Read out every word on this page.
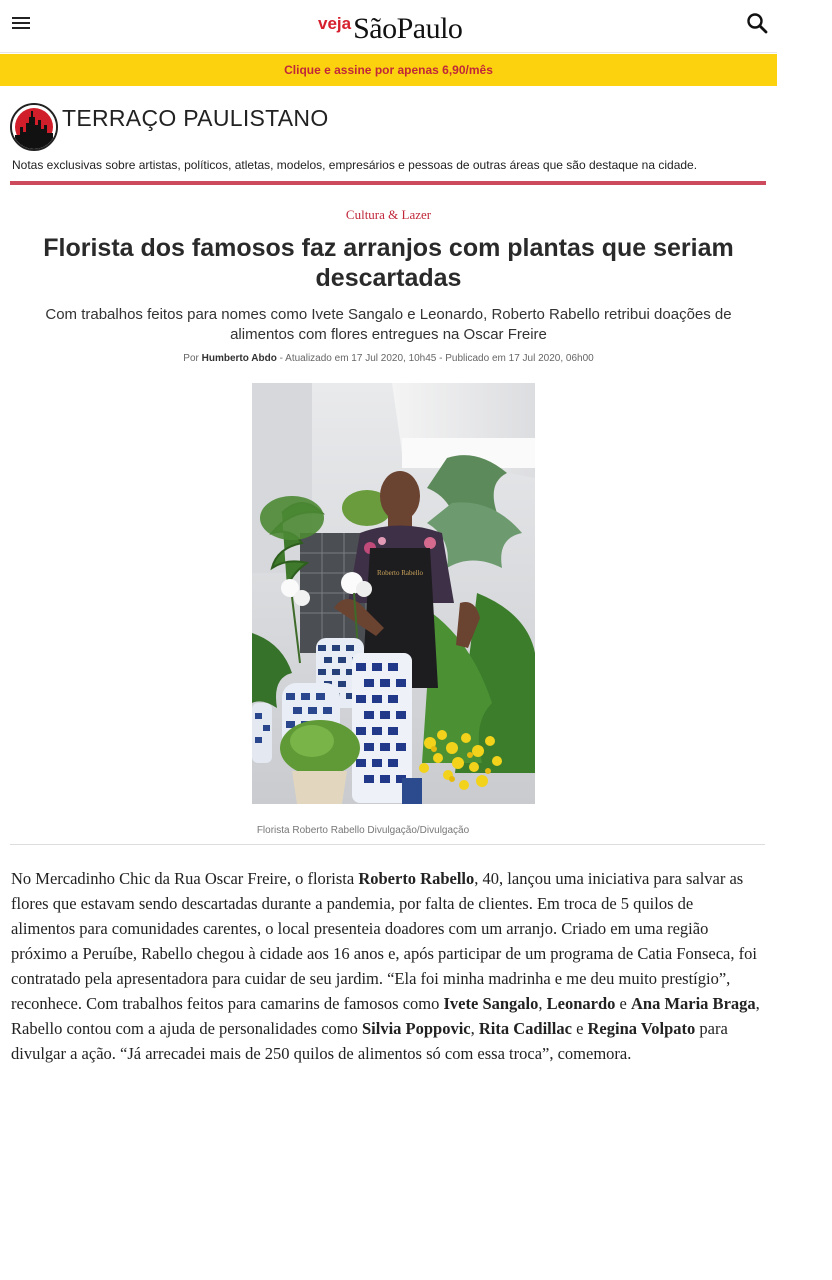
veja SãoPaulo
Clique e assine por apenas 6,90/mês
TERRAÇO PAULISTANO
Notas exclusivas sobre artistas, políticos, atletas, modelos, empresários e pessoas de outras áreas que são destaque na cidade.
Cultura & Lazer
Florista dos famosos faz arranjos com plantas que seriam descartadas

Com trabalhos feitos para nomes como Ivete Sangalo e Leonardo, Roberto Rabello retribui doações de alimentos com flores entregues na Oscar Freire

Por Humberto Abdo - Atualizado em 17 Jul 2020, 10h45 - Publicado em 17 Jul 2020, 06h00
Roberto Rabello
Florista Roberto Rabello Divulgação/Divulgação

No Mercadinho Chic da Rua Oscar Freire, o florista Roberto Rabello, 40, lançou uma iniciativa para salvar as flores que estavam sendo descartadas durante a pandemia, por falta de clientes. Em troca de 5 quilos de alimentos para comunidades carentes, o local presenteia doadores com um arranjo. Criado em uma região próximo a Peruíbe, Rabello chegou à cidade aos 16 anos e, após participar de um programa de Catia Fonseca, foi contratado pela apresentadora para cuidar de seu jardim. “Ela foi minha madrinha e me deu muito prestígio”, reconhece. Com trabalhos feitos para camarins de famosos como Ivete Sangalo, Leonardo e Ana Maria Braga, Rabello contou com a ajuda de personalidades como Silvia Poppovic, Rita Cadillac e Regina Volpato para divulgar a ação. “Já arrecadei mais de 250 quilos de alimentos só com essa troca”, comemora.
